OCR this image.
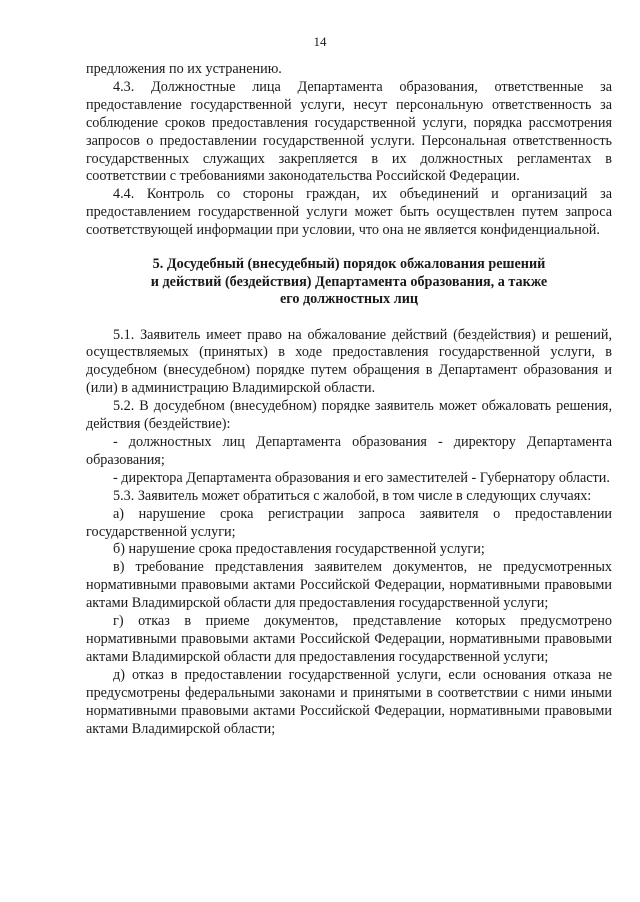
14

предложения по их устранению.

4.3. Должностные лица Департамента образования, ответственные за предоставление государственной услуги, несут персональную ответственность за соблюдение сроков предоставления государственной услуги, порядка рассмотрения запросов о предоставлении государственной услуги. Персональная ответственность государственных служащих закрепляется в их должностных регламентах в соответствии с требованиями законодательства Российской Федерации.

4.4. Контроль со стороны граждан, их объединений и организаций за предоставлением государственной услуги может быть осуществлен путем запроса соответствующей информации при условии, что она не является конфиденциальной.

5. Досудебный (внесудебный) порядок обжалования решений
и действий (бездействия) Департамента образования, а также
его должностных лиц

5.1. Заявитель имеет право на обжалование действий (бездействия) и решений, осуществляемых (принятых) в ходе предоставления государственной услуги, в досудебном (внесудебном) порядке путем обращения в Департамент образования и (или) в администрацию Владимирской области.

5.2. В досудебном (внесудебном) порядке заявитель может обжаловать решения, действия (бездействие):

- должностных лиц Департамента образования - директору Департамента образования;

- директора Департамента образования и его заместителей - Губернатору области.

5.3. Заявитель может обратиться с жалобой, в том числе в следующих случаях:

а) нарушение срока регистрации запроса заявителя о предоставлении государственной услуги;

б) нарушение срока предоставления государственной услуги;

в) требование представления заявителем документов, не предусмотренных нормативными правовыми актами Российской Федерации, нормативными правовыми актами Владимирской области для предоставления государственной услуги;

г) отказ в приеме документов, представление которых предусмотрено нормативными правовыми актами Российской Федерации, нормативными правовыми актами Владимирской области для предоставления государственной услуги;

д) отказ в предоставлении государственной услуги, если основания отказа не предусмотрены федеральными законами и принятыми в соответствии с ними иными нормативными правовыми актами Российской Федерации, нормативными правовыми актами Владимирской области;
